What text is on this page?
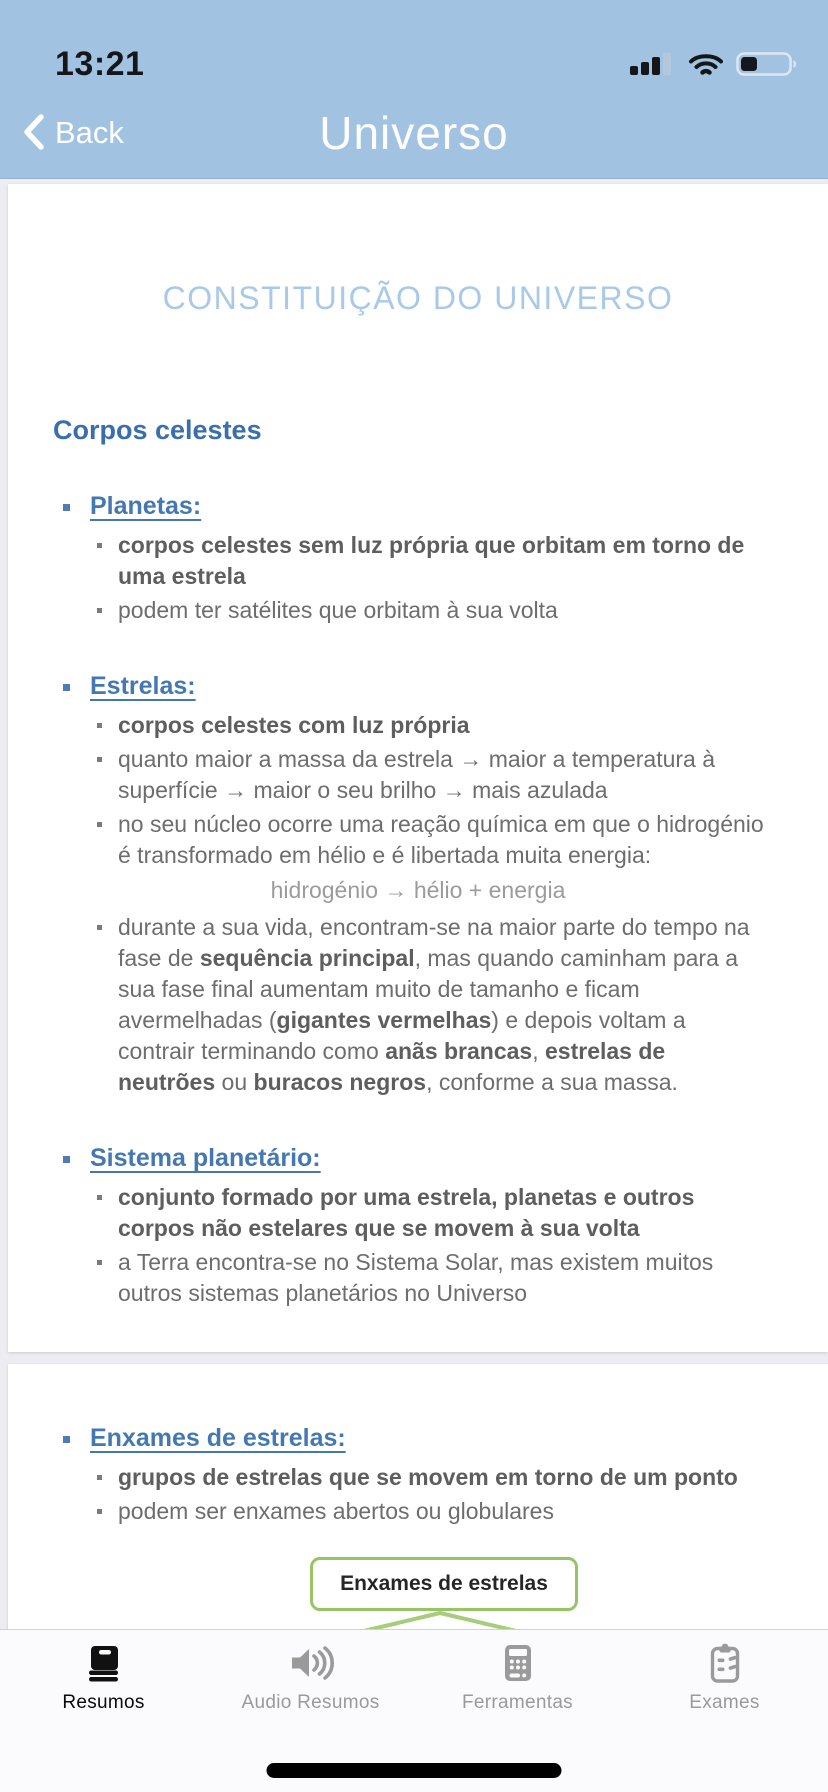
13:21
Back	Universo
CONSTITUIÇÃO DO UNIVERSO
Corpos celestes
Planetas:
corpos celestes sem luz própria que orbitam em torno de uma estrela
podem ter satélites que orbitam à sua volta
Estrelas:
corpos celestes com luz própria
quanto maior a massa da estrela → maior a temperatura à superfície → maior o seu brilho → mais azulada
no seu núcleo ocorre uma reação química em que o hidrogénio é transformado em hélio e é libertada muita energia:
hidrogénio → hélio + energia
durante a sua vida, encontram-se na maior parte do tempo na fase de sequência principal, mas quando caminham para a sua fase final aumentam muito de tamanho e ficam avermelhadas (gigantes vermelhas) e depois voltam a contrair terminando como anãs brancas, estrelas de neutrões ou buracos negros, conforme a sua massa.
Sistema planetário:
conjunto formado por uma estrela, planetas e outros corpos não estelares que se movem à sua volta
a Terra encontra-se no Sistema Solar, mas existem muitos outros sistemas planetários no Universo
Enxames de estrelas:
grupos de estrelas que se movem em torno de um ponto
podem ser enxames abertos ou globulares
Enxames de estrelas
Resumos	Audio Resumos	Ferramentas	Exames
